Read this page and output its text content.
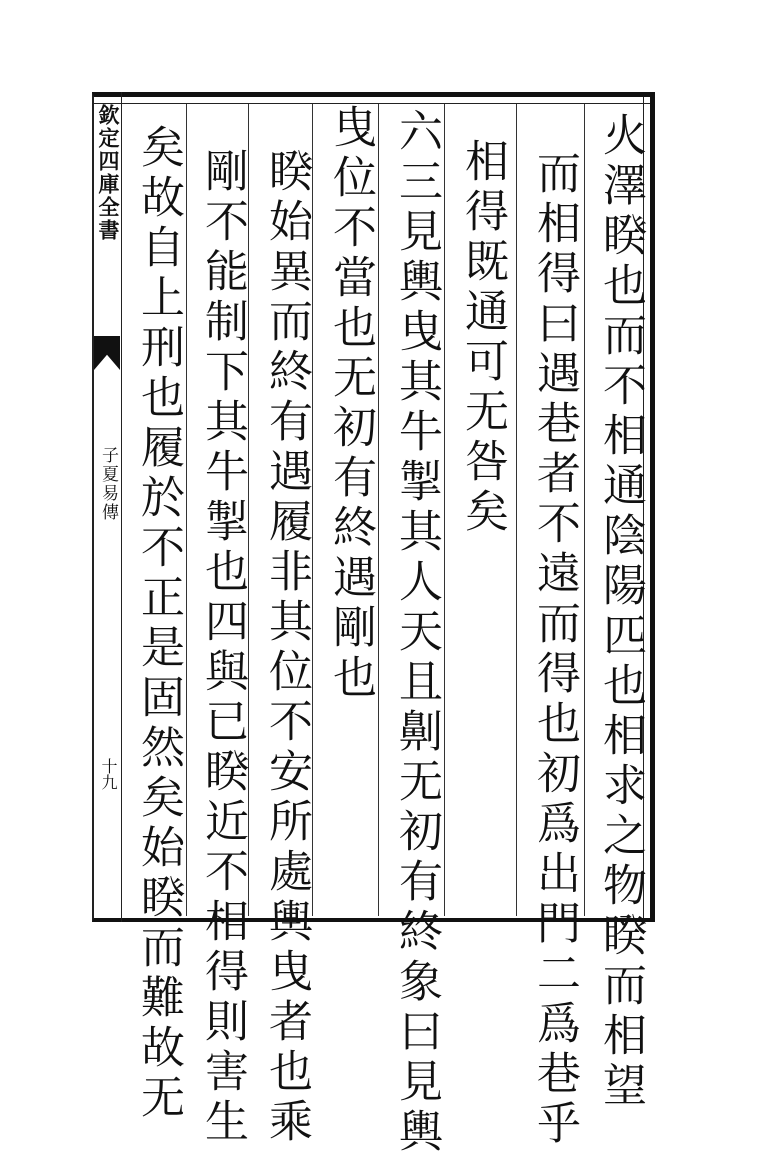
欽定四庫全書
子夏易傳
十九	火澤睽也而不相通陰陽匹也相求之物睽而相望
而相得曰遇巷者不遠而得也初爲出門二爲巷乎
相得既通可无咎矣
六三見輿曳其牛掣其人天且劓无初有終象曰見輿
曳位不當也无初有終遇剛也
睽始異而終有遇履非其位不安所處輿曳者也乘
剛不能制下其牛掣也四與已睽近不相得則害生
矣故自上刑也履於不正是固然矣始睽而難故无
